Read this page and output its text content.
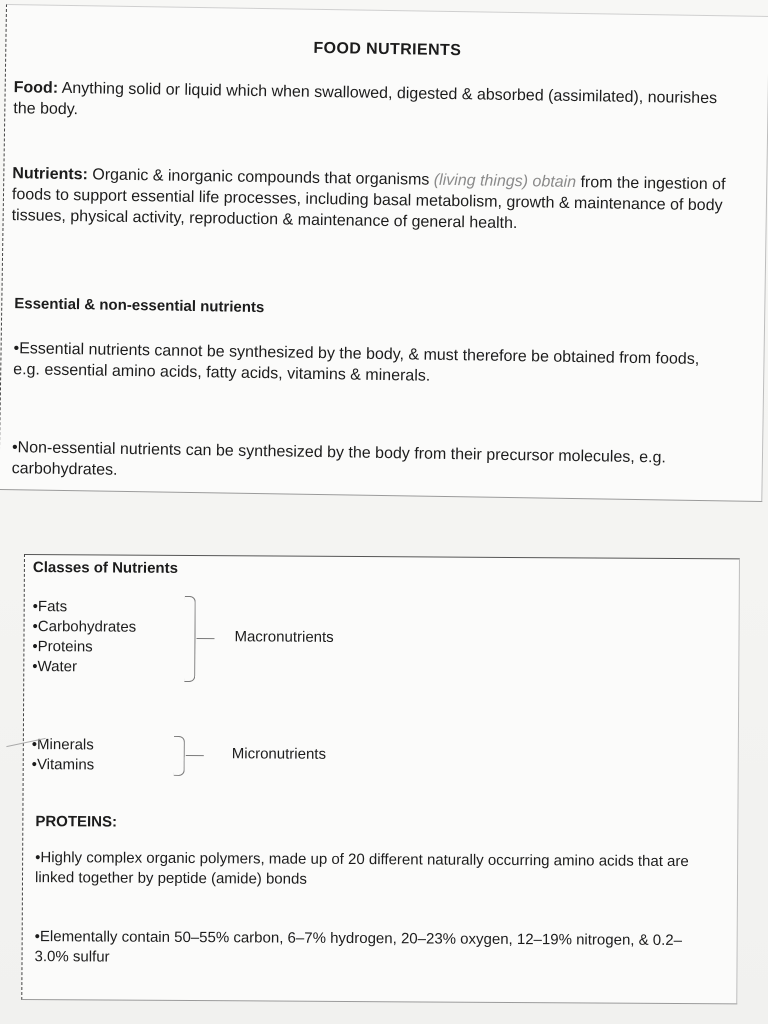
FOOD NUTRIENTS

Food: Anything solid or liquid which when swallowed, digested & absorbed (assimilated), nourishes the body.

Nutrients: Organic & inorganic compounds that organisms (living things) obtain from the ingestion of foods to support essential life processes, including basal metabolism, growth & maintenance of body tissues, physical activity, reproduction & maintenance of general health.

Essential & non-essential nutrients

•Essential nutrients cannot be synthesized by the body, & must therefore be obtained from foods, e.g. essential amino acids, fatty acids, vitamins & minerals.

•Non-essential nutrients can be synthesized by the body from their precursor molecules, e.g. carbohydrates.

Classes of Nutrients
•Fats
•Carbohydrates
•Proteins
•Water
Macronutrients
•Minerals
•Vitamins
Micronutrients
PROTEINS:

•Highly complex organic polymers, made up of 20 different naturally occurring amino acids that are linked together by peptide (amide) bonds

•Elementally contain 50–55% carbon, 6–7% hydrogen, 20–23% oxygen, 12–19% nitrogen, & 0.2–3.0% sulfur
